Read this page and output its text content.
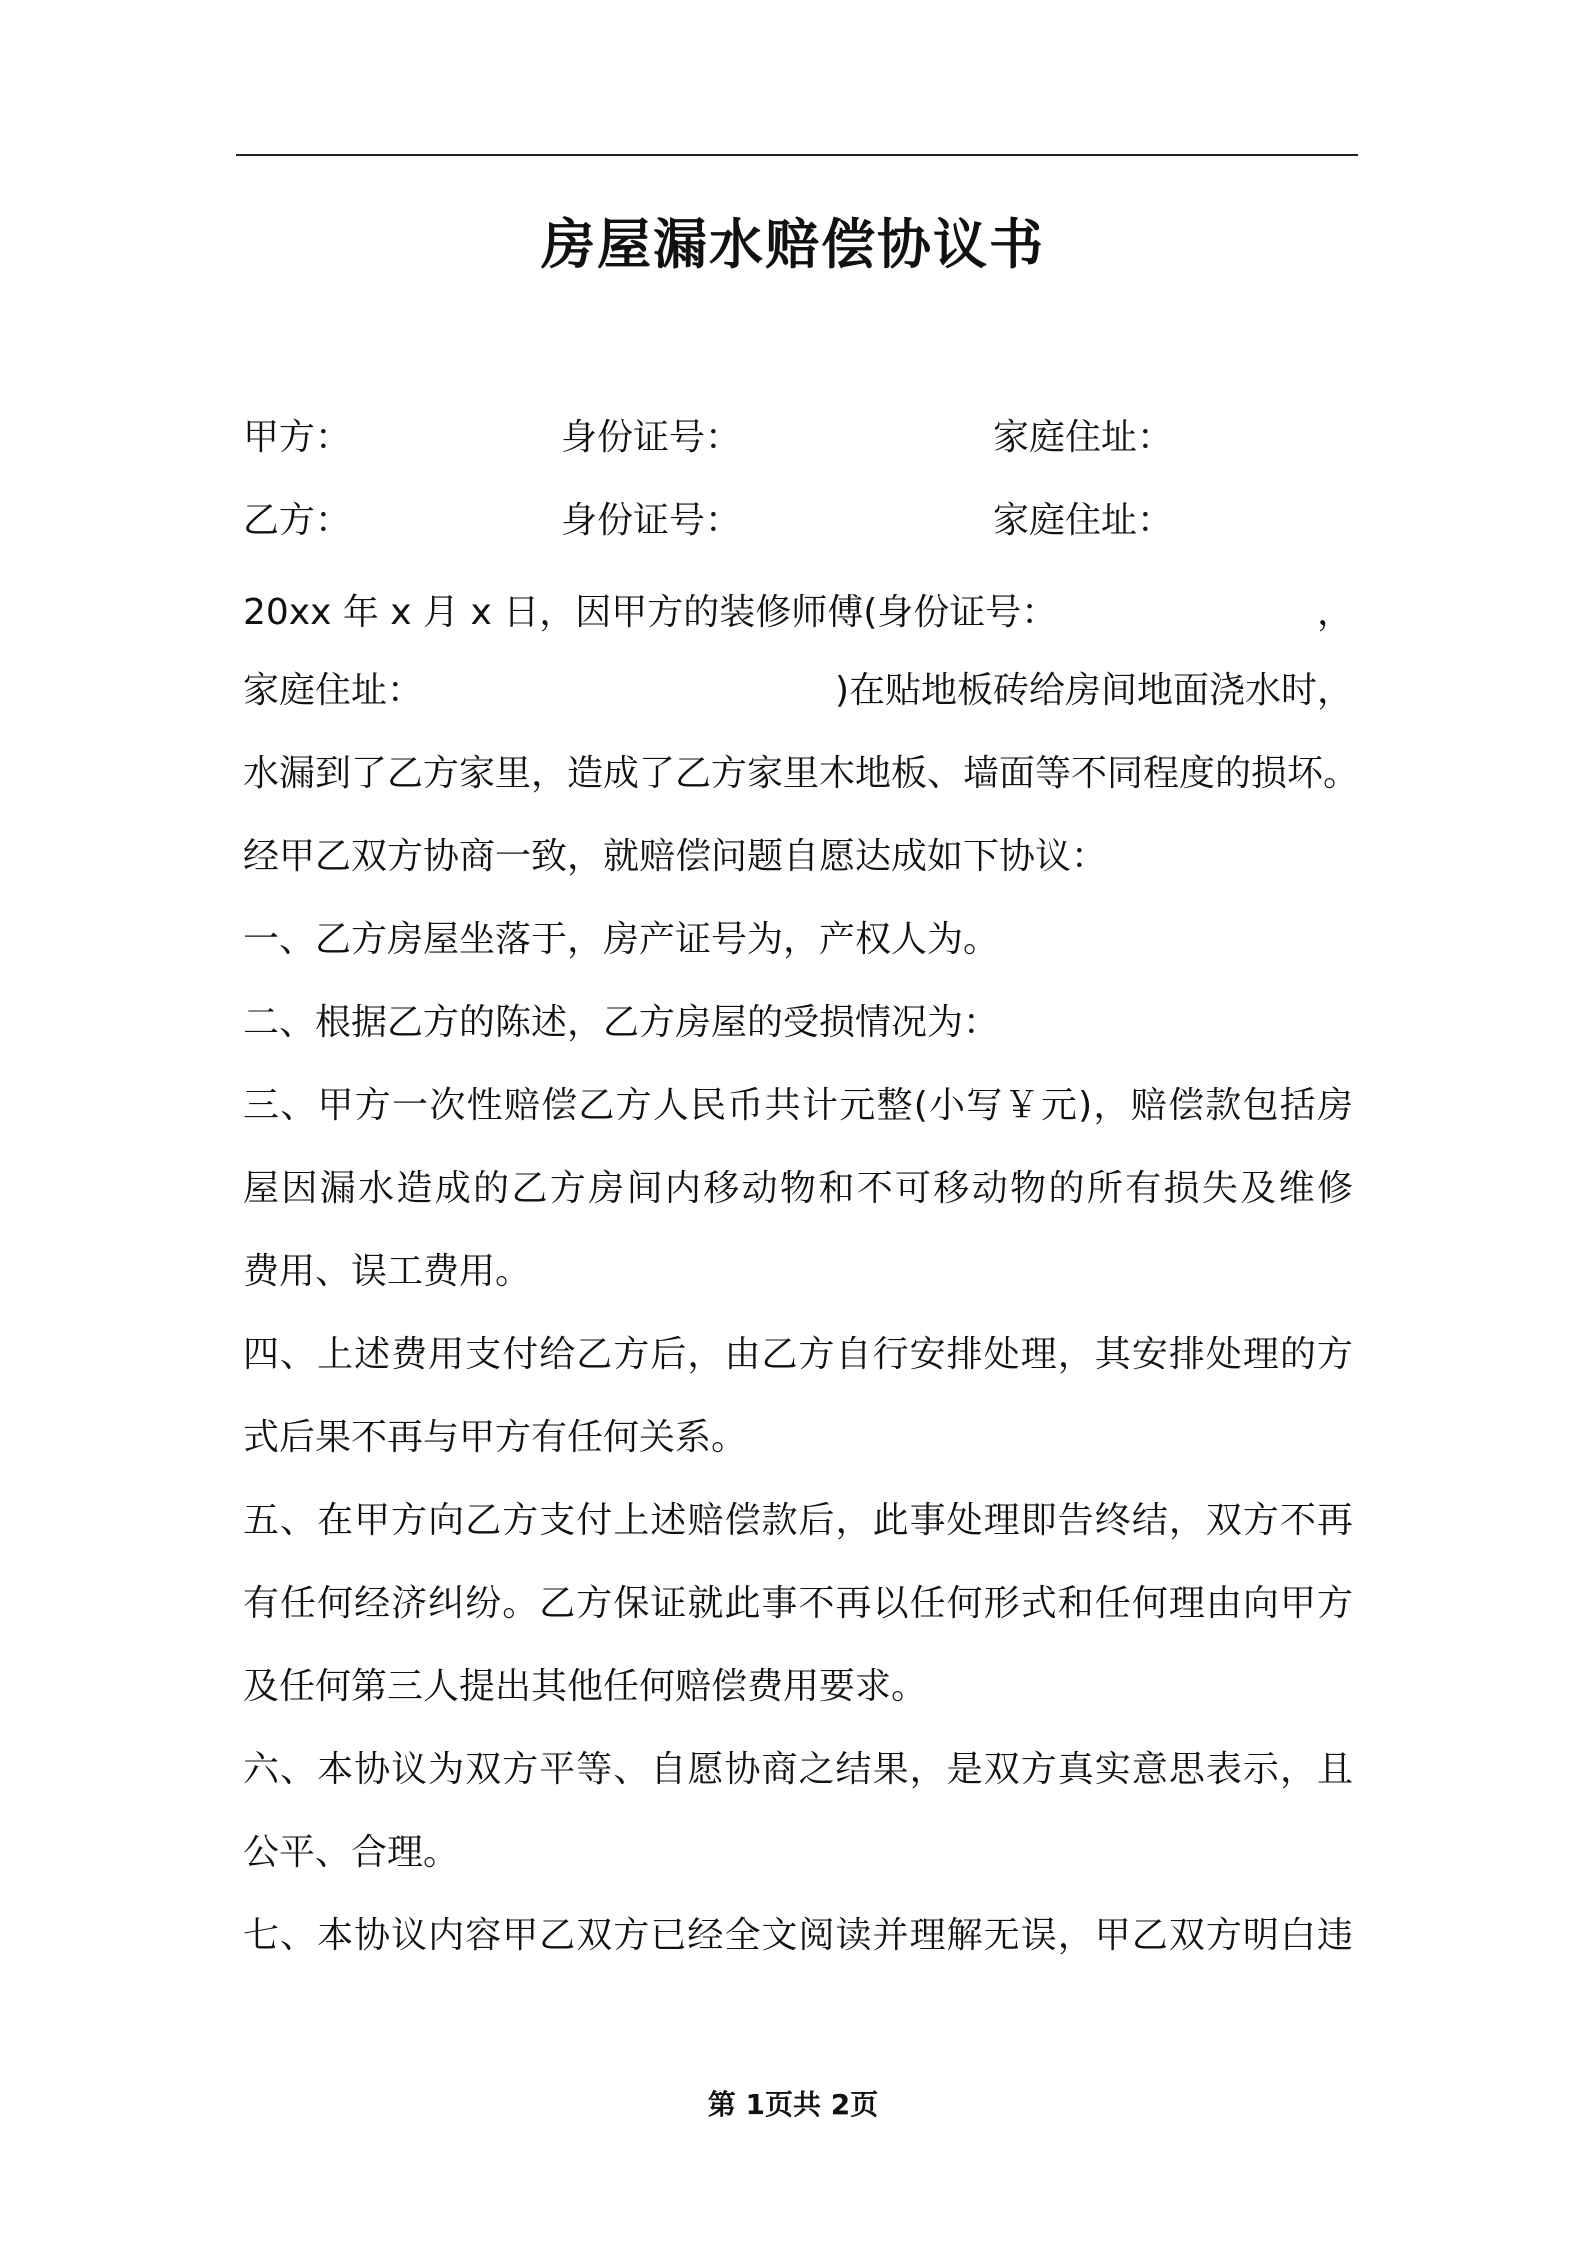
房屋漏水赔偿协议书
甲方：	身份证号：	家庭住址：
乙方：	身份证号：	家庭住址：
20xx 年 x 月 x 日，因甲方的装修师傅(身份证号：	，
家庭住址：	)在贴地板砖给房间地面浇水时，
水漏到了乙方家里，造成了乙方家里木地板、墙面等不同程度的损坏。
经甲乙双方协商一致，就赔偿问题自愿达成如下协议：
一、乙方房屋坐落于，房产证号为，产权人为。
二、根据乙方的陈述，乙方房屋的受损情况为：
三、甲方一次性赔偿乙方人民币共计元整(小写￥元)，赔偿款包括房
屋因漏水造成的乙方房间内移动物和不可移动物的所有损失及维修
费用、误工费用。
四、上述费用支付给乙方后，由乙方自行安排处理，其安排处理的方
式后果不再与甲方有任何关系。
五、在甲方向乙方支付上述赔偿款后，此事处理即告终结，双方不再
有任何经济纠纷。乙方保证就此事不再以任何形式和任何理由向甲方
及任何第三人提出其他任何赔偿费用要求。
六、本协议为双方平等、自愿协商之结果，是双方真实意思表示，且
公平、合理。
七、本协议内容甲乙双方已经全文阅读并理解无误，甲乙双方明白违
第 1页共 2页
